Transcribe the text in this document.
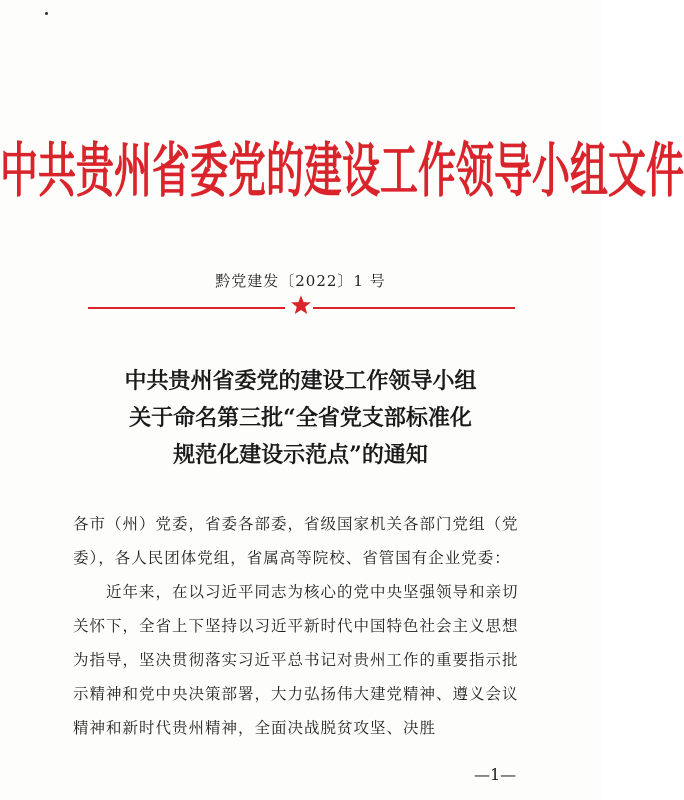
中共贵州省委党的建设工作领导小组文件
黔党建发〔2022〕1 号
中共贵州省委党的建设工作领导小组
关于命名第三批“全省党支部标准化
规范化建设示范点”的通知
各市（州）党委，省委各部委，省级国家机关各部门党组（党委），各人民团体党组，省属高等院校、省管国有企业党委：
近年来，在以习近平同志为核心的党中央坚强领导和亲切关怀下，全省上下坚持以习近平新时代中国特色社会主义思想为指导，坚决贯彻落实习近平总书记对贵州工作的重要指示批示精神和党中央决策部署，大力弘扬伟大建党精神、遵义会议精神和新时代贵州精神，全面决战脱贫攻坚、决胜
—1—
